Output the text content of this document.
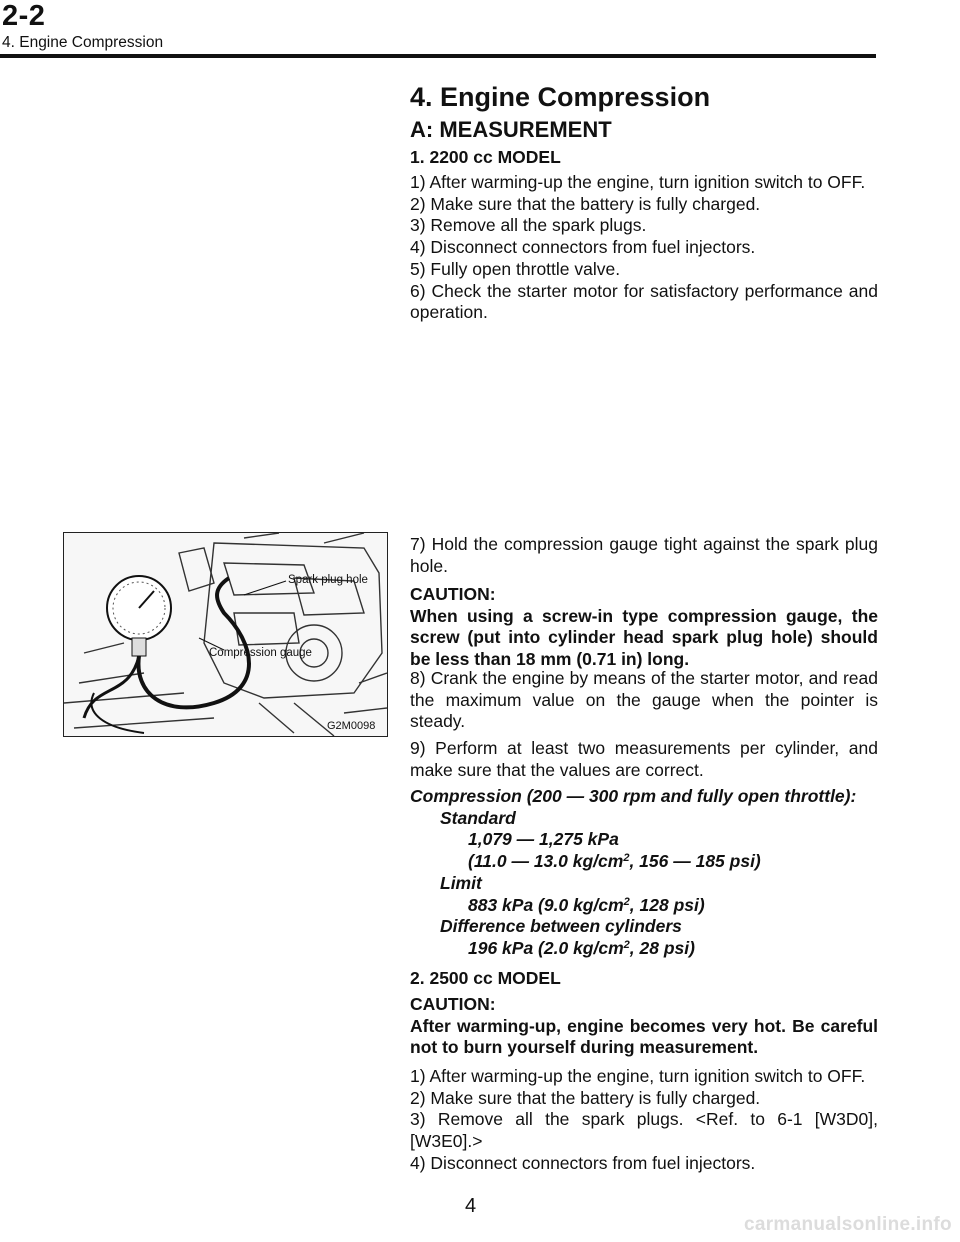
2-2
4. Engine Compression
4. Engine Compression
A: MEASUREMENT

1. 2200 cc MODEL

1) After warming-up the engine, turn ignition switch to OFF.

2) Make sure that the battery is fully charged.

3) Remove all the spark plugs.

4) Disconnect connectors from fuel injectors.

5) Fully open throttle valve.

6) Check the starter motor for satisfactory performance and operation.

Spark plug hole
Compression gauge
G2M0098

7) Hold the compression gauge tight against the spark plug hole.

CAUTION:

When using a screw-in type compression gauge, the screw (put into cylinder head spark plug hole) should be less than 18 mm (0.71 in) long.

8) Crank the engine by means of the starter motor, and read the maximum value on the gauge when the pointer is steady.

9) Perform at least two measurements per cylinder, and make sure that the values are correct.

Compression (200 — 300 rpm and fully open throttle):

Standard

1,079 — 1,275 kPa

(11.0 — 13.0 $kg/cm^2$, 156 — 185 psi)

Limit

883 kPa (9.0 $kg/cm^2$, 128 psi)

Difference between cylinders

196 kPa (2.0 $kg/cm^2$, 28 psi)

2. 2500 cc MODEL

CAUTION:

After warming-up, engine becomes very hot. Be careful not to burn yourself during measurement.

1) After warming-up the engine, turn ignition switch to OFF.

2) Make sure that the battery is fully charged.

3) Remove all the spark plugs. <Ref. to 6-1 [W3D0], [W3E0].>

4) Disconnect connectors from fuel injectors.

4
carmanualsonline.info
